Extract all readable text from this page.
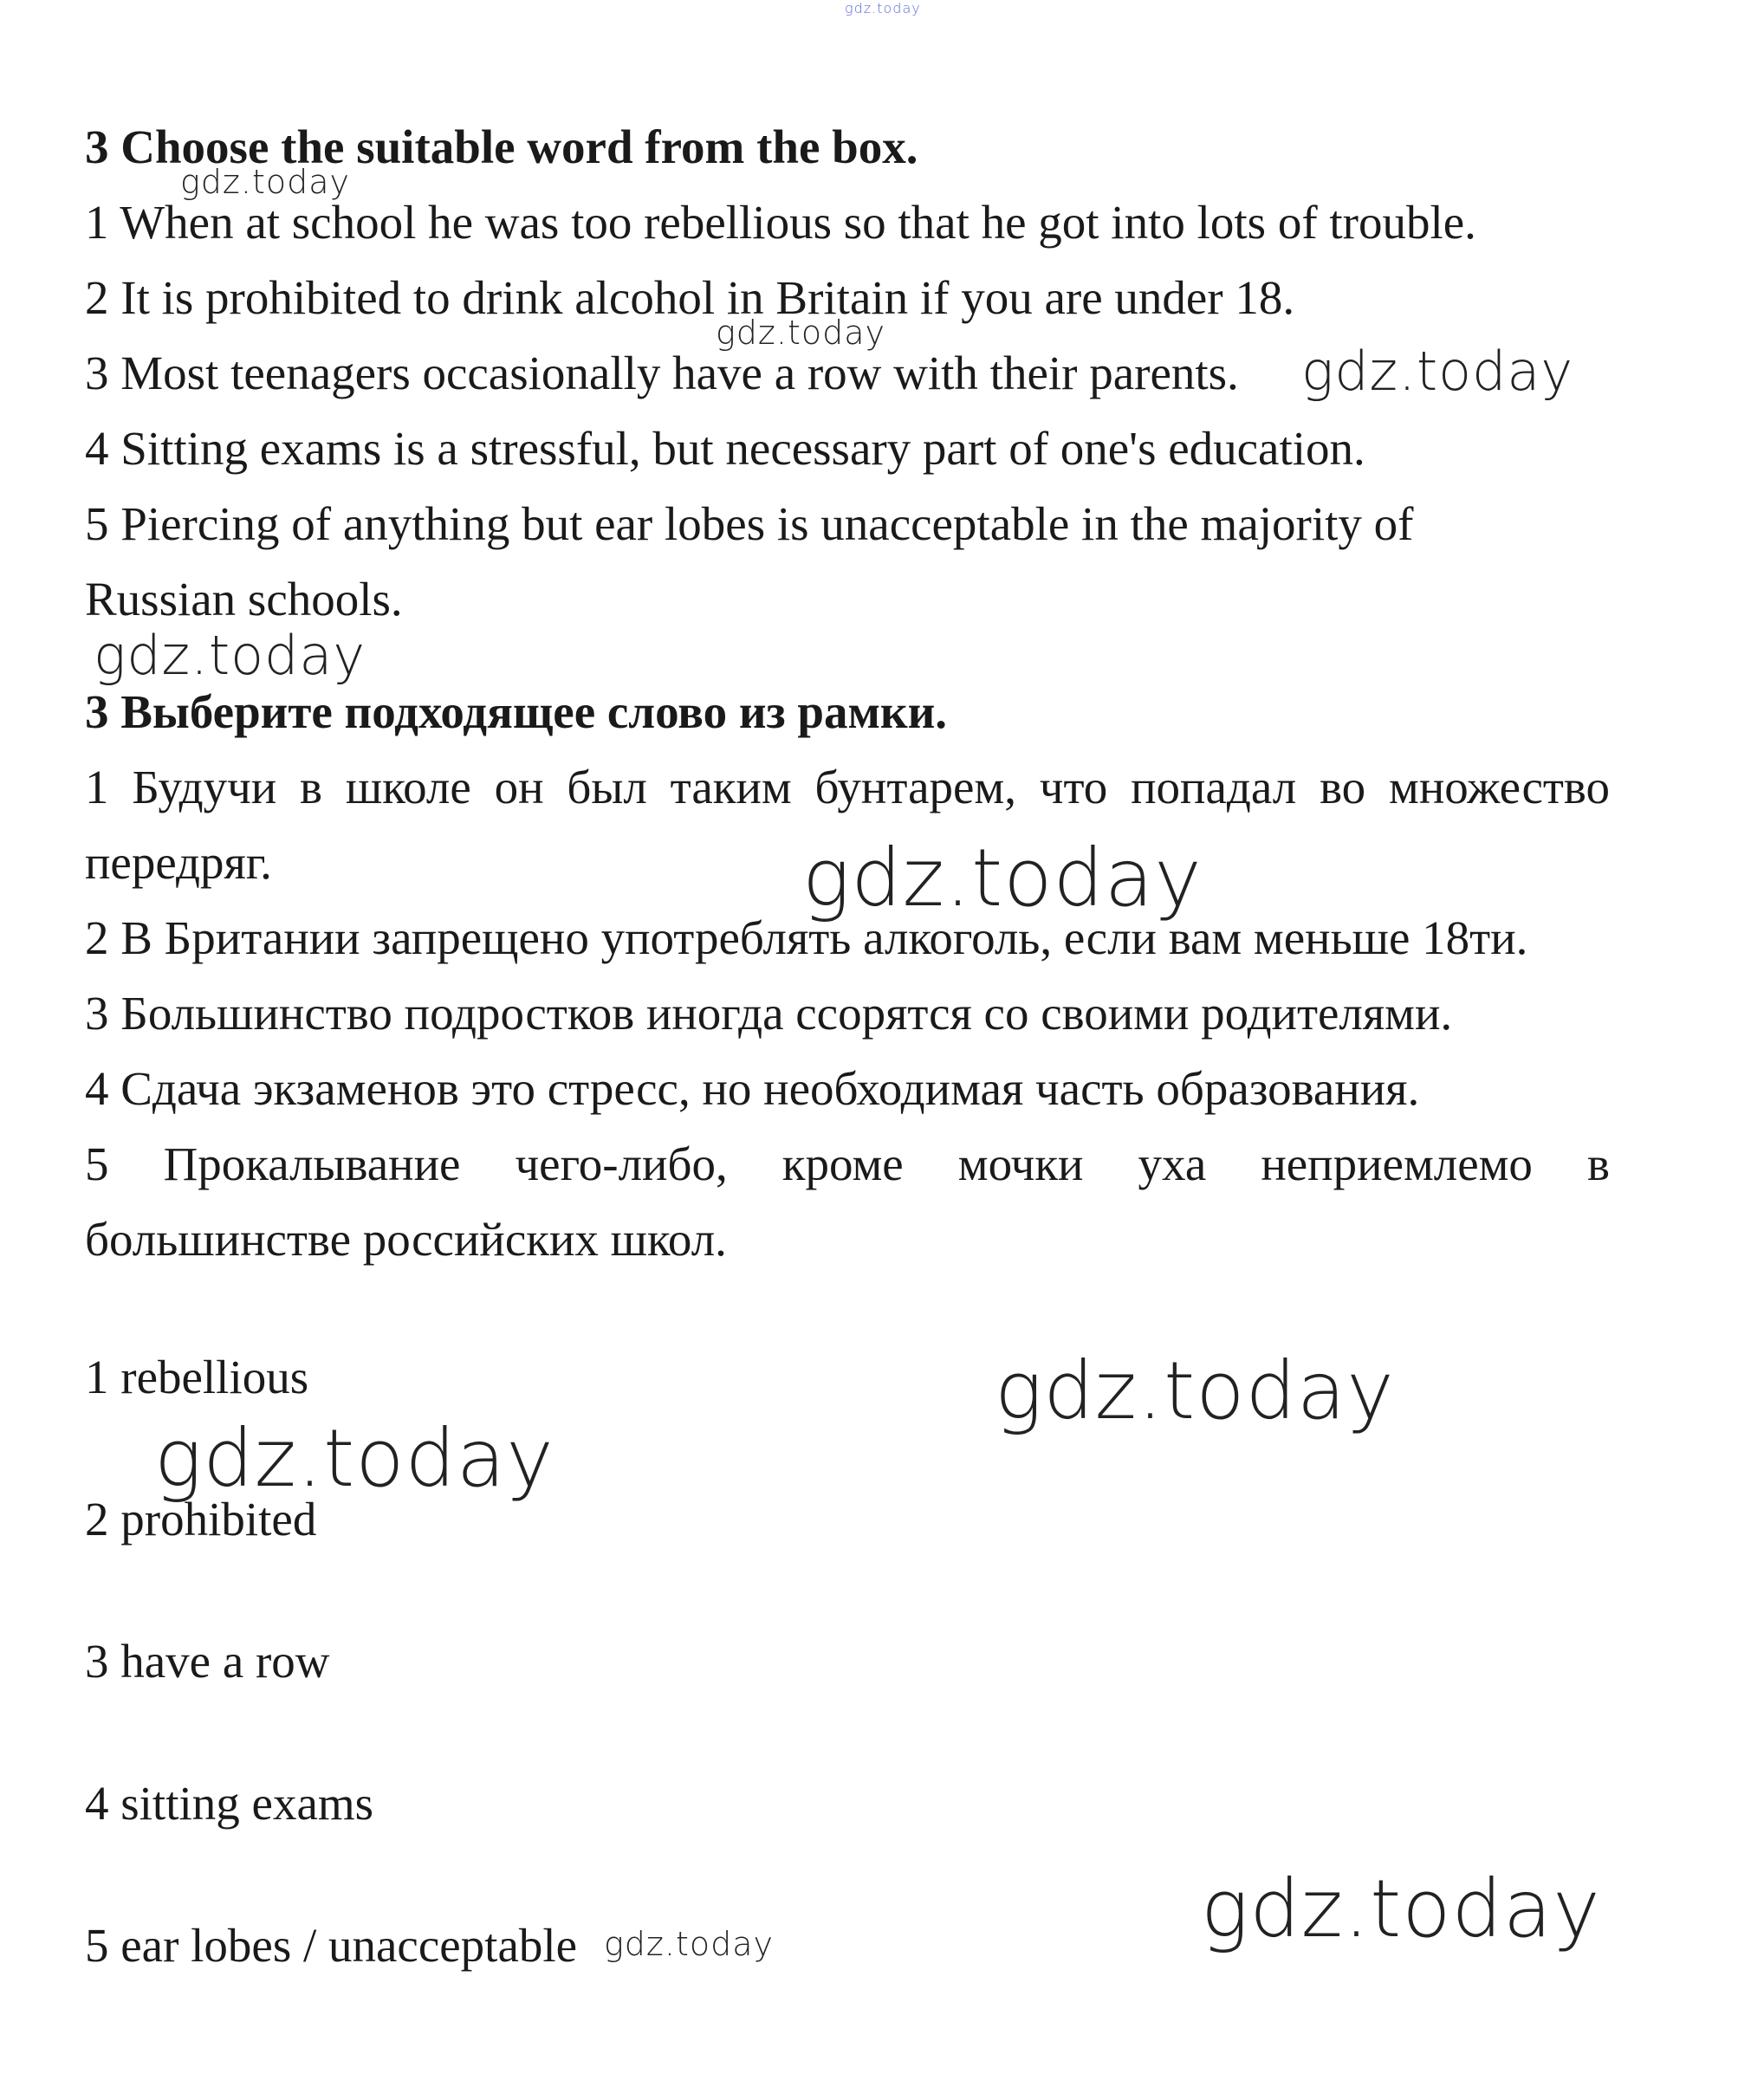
gdz.today
3 Choose the suitable word from the box.
1 When at school he was too rebellious so that he got into lots of trouble.
2 It is prohibited to drink alcohol in Britain if you are under 18.
3 Most teenagers occasionally have a row with their parents.
4 Sitting exams is a stressful, but necessary part of one's education.
5 Piercing of anything but ear lobes is unacceptable in the majority of
Russian schools.
3 Выберите подходящее слово из рамки.
1 Будучи в школе он был таким бунтарем, что попадал во множество
передряг.
2 В Британии запрещено употреблять алкоголь, если вам меньше 18ти.
3 Большинство подростков иногда ссорятся со своими родителями.
4 Сдача экзаменов это стресс, но необходимая часть образования.
5 Прокалывание чего-либо, кроме мочки уха неприемлемо в
большинстве российских школ.
1 rebellious
2 prohibited
3 have a row
4 sitting exams
5 ear lobes / unacceptable
gdz.today
gdz.today
gdz.today
gdz.today
gdz.today
gdz.today
gdz.today
gdz.today
gdz.today
